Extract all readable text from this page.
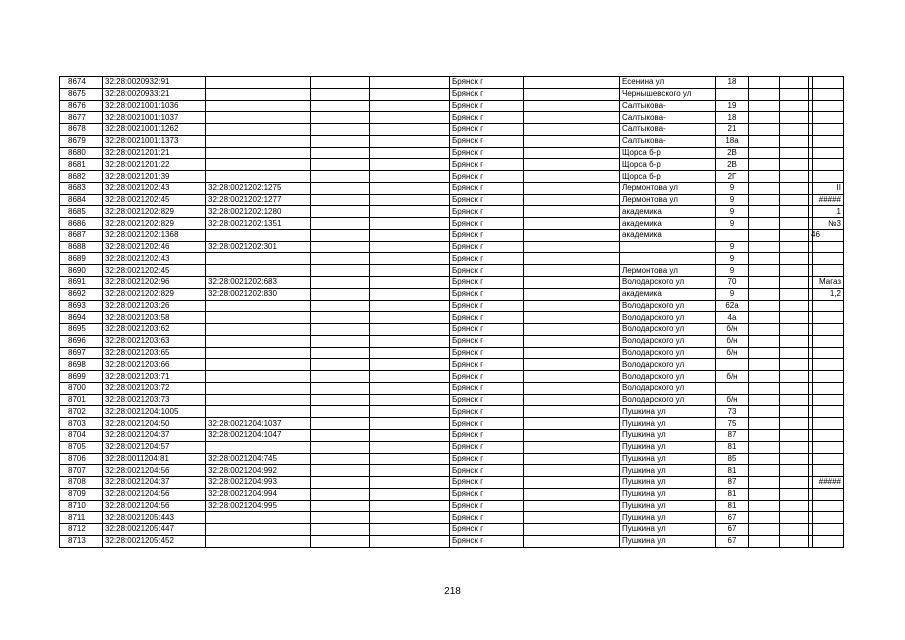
8674	32:28:0020932:91				Брянск г		Есенина ул	18				
8675	32:28:0020933:21				Брянск г		Чернышевского ул					
8676	32:28:0021001:1036				Брянск г		Салтыкова-	19				
8677	32:28:0021001:1037				Брянск г		Салтыкова-	18				
8678	32:28:0021001:1262				Брянск г		Салтыкова-	21				
8679	32:28:0021001:1373				Брянск г		Салтыкова-	18а				
8680	32:28:0021201:21				Брянск г		Щорса б-р	2В				
8681	32:28:0021201:22				Брянск г		Щорса б-р	2В				
8682	32:28:0021201:39				Брянск г		Щорса б-р	2Г				
8683	32:28:0021202:43	32:28:0021202:1275			Брянск г		Лермонтова ул	9				II
8684	32:28:0021202:45	32:28:0021202:1277			Брянск г		Лермонтова ул	9				#####
8685	32:28:0021202:829	32:28:0021202:1280			Брянск г		академика	9				1
8686	32:28:0021202:829	32:28:0021202:1351			Брянск г		академика	9				№3
8687	32:28:0021202:1368				Брянск г		академика				46	
8688	32:28:0021202:46	32:28:0021202:301			Брянск г			9				
8689	32:28:0021202:43				Брянск г			9				
8690	32:28:0021202:45				Брянск г		Лермонтова ул	9				
8691	32:28:0021202:96	32:28:0021202:683			Брянск г		Володарского ул	70				Магаз
8692	32:28:0021202:829	32:28:0021202:830			Брянск г		академика	9				1,2
8693	32:28:0021203:26				Брянск г		Володарского ул	62а				
8694	32:28:0021203:58				Брянск г		Володарского ул	4а				
8695	32:28:0021203:62				Брянск г		Володарского ул	б/н				
8696	32:28:0021203:63				Брянск г		Володарского ул	б/н				
8697	32:28:0021203:65				Брянск г		Володарского ул	б/н				
8698	32:28:0021203:66				Брянск г		Володарского ул					
8699	32:28:0021203:71				Брянск г		Володарского ул	б/н				
8700	32:28:0021203:72				Брянск г		Володарского ул					
8701	32:28:0021203:73				Брянск г		Володарского ул	б/н				
8702	32:28:0021204:1005				Брянск г		Пушкина ул	73				
8703	32:28:0021204:50	32:28:0021204:1037			Брянск г		Пушкина ул	75				
8704	32:28:0021204:37	32:28:0021204:1047			Брянск г		Пушкина ул	87				
8705	32:28:0021204:57				Брянск г		Пушкина ул	81				
8706	32:28:0011204:81	32:28:0021204:745			Брянск г		Пушкина ул	85				
8707	32:28:0021204:56	32:28:0021204:992			Брянск г		Пушкина ул	81				
8708	32:28:0021204:37	32:28:0021204:993			Брянск г		Пушкина ул	87				#####
8709	32:28:0021204:56	32:28:0021204:994			Брянск г		Пушкина ул	81				
8710	32:28:0021204:56	32:28:0021204:995			Брянск г		Пушкина ул	81				
8711	32:28:0021205:443				Брянск г		Пушкина ул	67				
8712	32:28:0021205:447				Брянск г		Пушкина ул	67				
8713	32:28:0021205:452				Брянск г		Пушкина ул	67				
218
